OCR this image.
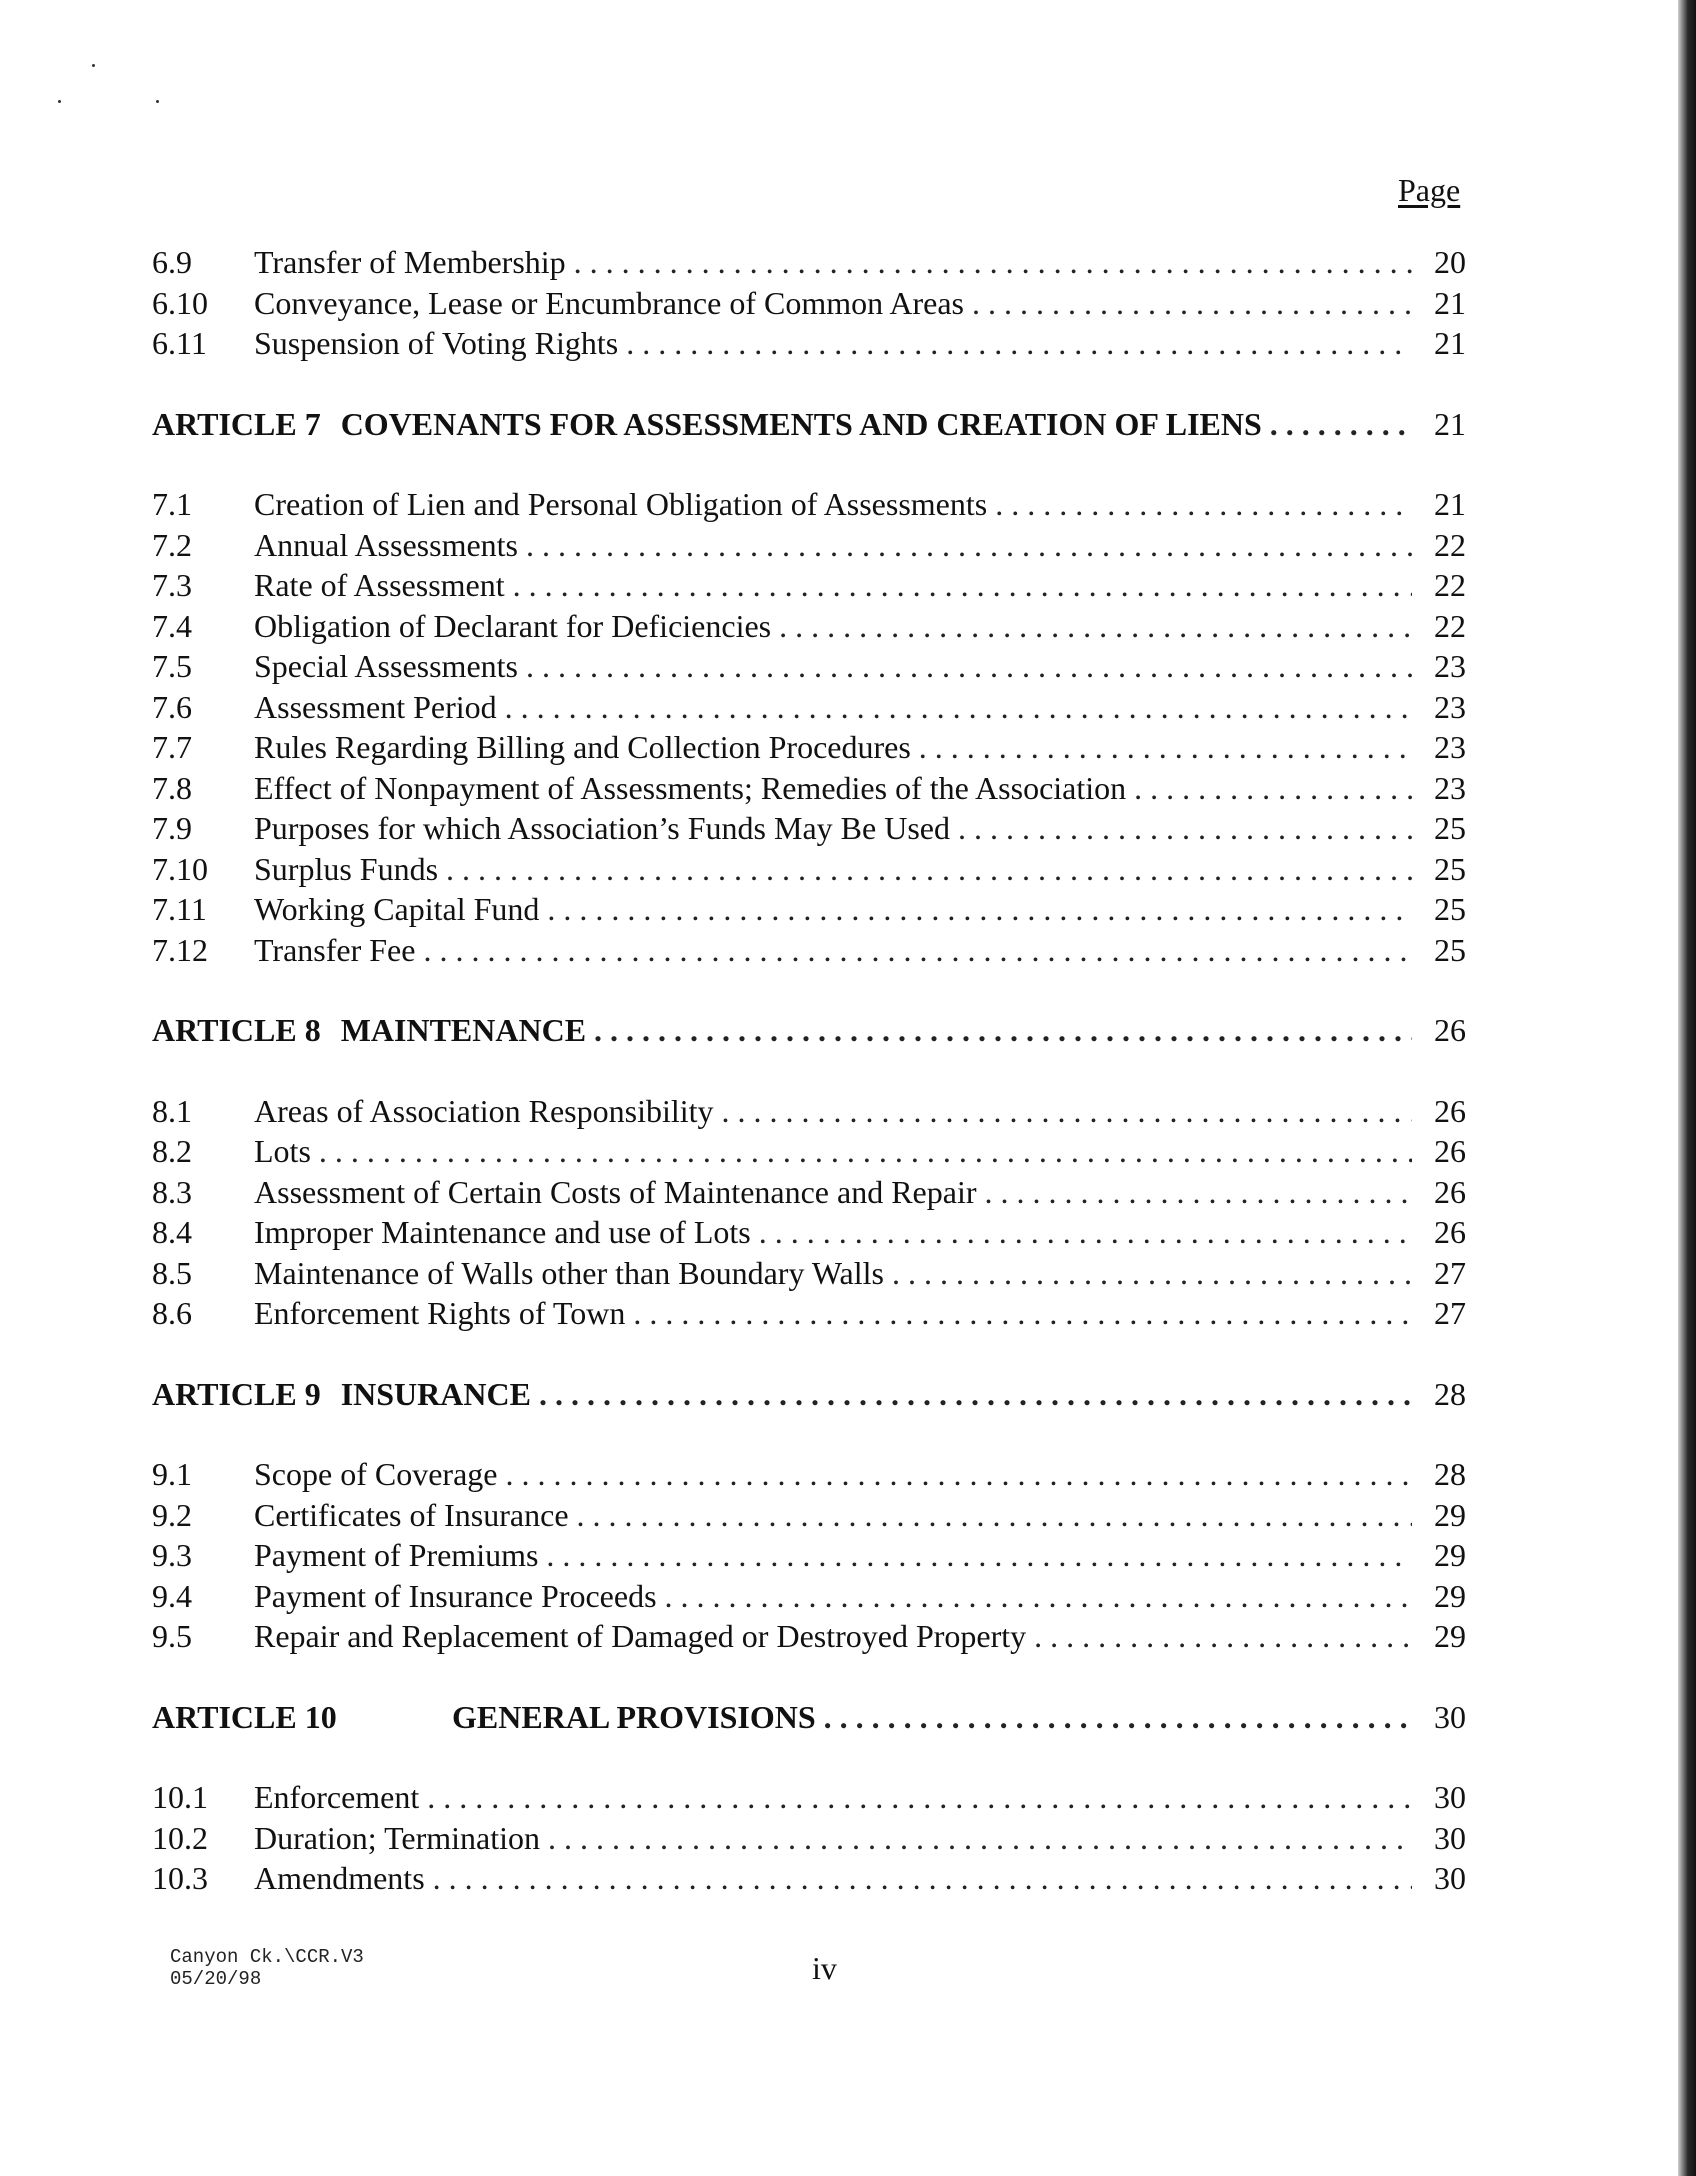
Page
6.9	Transfer of Membership . . .	20
6.10	Conveyance, Lease or Encumbrance of Common Areas . . .	21
6.11	Suspension of Voting Rights . . .	21
ARTICLE 7 COVENANTS FOR ASSESSMENTS AND CREATION OF LIENS . . .	21
7.1	Creation of Lien and Personal Obligation of Assessments . . .	21
7.2	Annual Assessments . . .	22
7.3	Rate of Assessment . . .	22
7.4	Obligation of Declarant for Deficiencies . . .	22
7.5	Special Assessments . . .	23
7.6	Assessment Period . . .	23
7.7	Rules Regarding Billing and Collection Procedures . . .	23
7.8	Effect of Nonpayment of Assessments; Remedies of the Association . . .	23
7.9	Purposes for which Association’s Funds May Be Used . . .	25
7.10	Surplus Funds . . .	25
7.11	Working Capital Fund . . .	25
7.12	Transfer Fee . . .	25
ARTICLE 8 MAINTENANCE . . .	26
8.1	Areas of Association Responsibility . . .	26
8.2	Lots . . .	26
8.3	Assessment of Certain Costs of Maintenance and Repair . . .	26
8.4	Improper Maintenance and use of Lots . . .	26
8.5	Maintenance of Walls other than Boundary Walls . . .	27
8.6	Enforcement Rights of Town . . .	27
ARTICLE 9 INSURANCE . . .	28
9.1	Scope of Coverage . . .	28
9.2	Certificates of Insurance . . .	29
9.3	Payment of Premiums . . .	29
9.4	Payment of Insurance Proceeds . . .	29
9.5	Repair and Replacement of Damaged or Destroyed Property . . .	29
ARTICLE 10	GENERAL PROVISIONS . . .	30
10.1	Enforcement . . .	30
10.2	Duration; Termination . . .	30
10.3	Amendments . . .	30
Canyon Ck.\CCR.V3
05/20/98	iv
